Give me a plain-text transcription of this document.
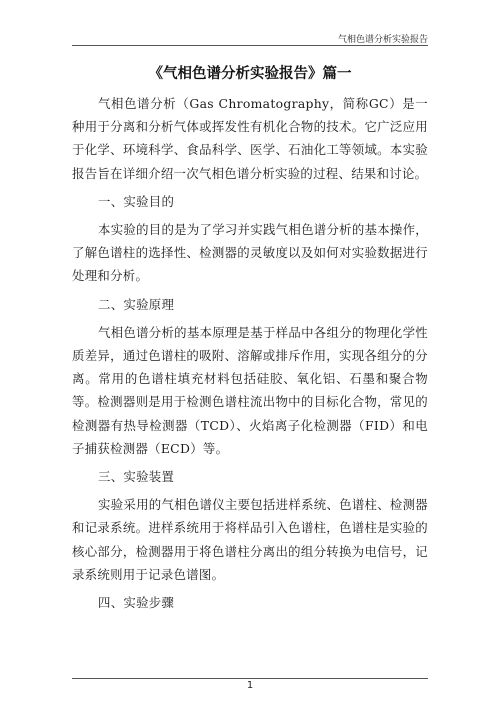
气相色谱分析实验报告
《气相色谱分析实验报告》篇一

气相色谱分析（Gas Chromatography，简称GC）是一种用于分离和分析气体或挥发性有机化合物的技术。它广泛应用于化学、环境科学、食品科学、医学、石油化工等领域。本实验报告旨在详细介绍一次气相色谱分析实验的过程、结果和讨论。

一、实验目的

本实验的目的是为了学习并实践气相色谱分析的基本操作，了解色谱柱的选择性、检测器的灵敏度以及如何对实验数据进行处理和分析。

二、实验原理

气相色谱分析的基本原理是基于样品中各组分的物理化学性质差异，通过色谱柱的吸附、溶解或排斥作用，实现各组分的分离。常用的色谱柱填充材料包括硅胶、氧化铝、石墨和聚合物等。检测器则是用于检测色谱柱流出物中的目标化合物，常见的检测器有热导检测器（TCD）、火焰离子化检测器（FID）和电子捕获检测器（ECD）等。

三、实验装置

实验采用的气相色谱仪主要包括进样系统、色谱柱、检测器和记录系统。进样系统用于将样品引入色谱柱，色谱柱是实验的核心部分，检测器用于将色谱柱分离出的组分转换为电信号，记录系统则用于记录色谱图。

四、实验步骤

1
